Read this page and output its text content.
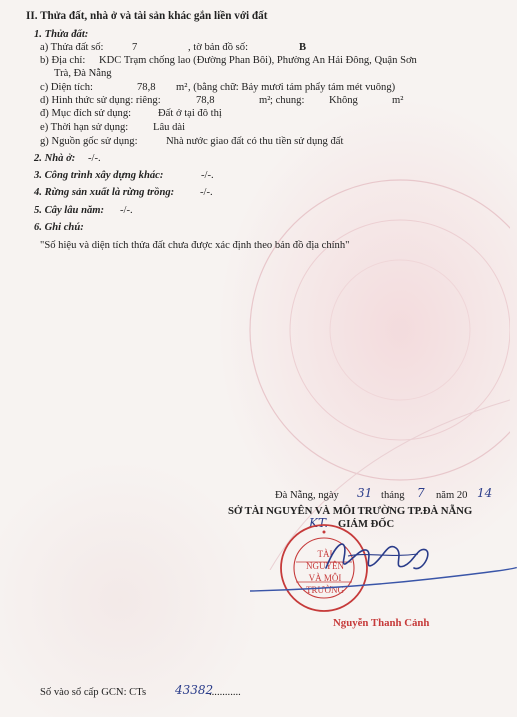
II. Thửa đất, nhà ở và tài sản khác gắn liền với đất
1. Thửa đất:
a) Thửa đất số:	7	, tờ bản đồ số:	B
b) Địa chỉ: KDC Trạm chống lao (Đường Phan Bôi), Phường An Hải Đông, Quận Sơn
Trà, Đà Nẵng
c) Diện tích:	78,8 m² , (bằng chữ: Bảy mươi tám phẩy tám mét vuông)
d) Hình thức sử dụng: riêng:	78,8	m² ; chung: Không	m²
đ) Mục đích sử dụng:	Đất ở tại đô thị
e) Thời hạn sử dụng: Lâu dài
g) Nguồn gốc sử dụng:	Nhà nước giao đất có thu tiền sử dụng đất
2. Nhà ở: -/-.
3. Công trình xây dựng khác:	-/-.
4. Rừng sản xuất là rừng trồng: -/-.
5. Cây lâu năm: -/-.
6. Ghi chú:
"Số hiệu và diện tích thửa đất chưa được xác định theo bản đồ địa chính"
Đà Nẵng, ngày 31 tháng 7 năm 20 14
SỞ TÀI NGUYÊN VÀ MÔI TRƯỜNG TP.ĐÀ NẴNG
KT. GIÁM ĐỐC
TÀI NGUYÊN VÀ MÔI TRƯỜNG
Nguyễn Thanh Cảnh
Số vào sổ cấp GCN: CTs 43382
............
